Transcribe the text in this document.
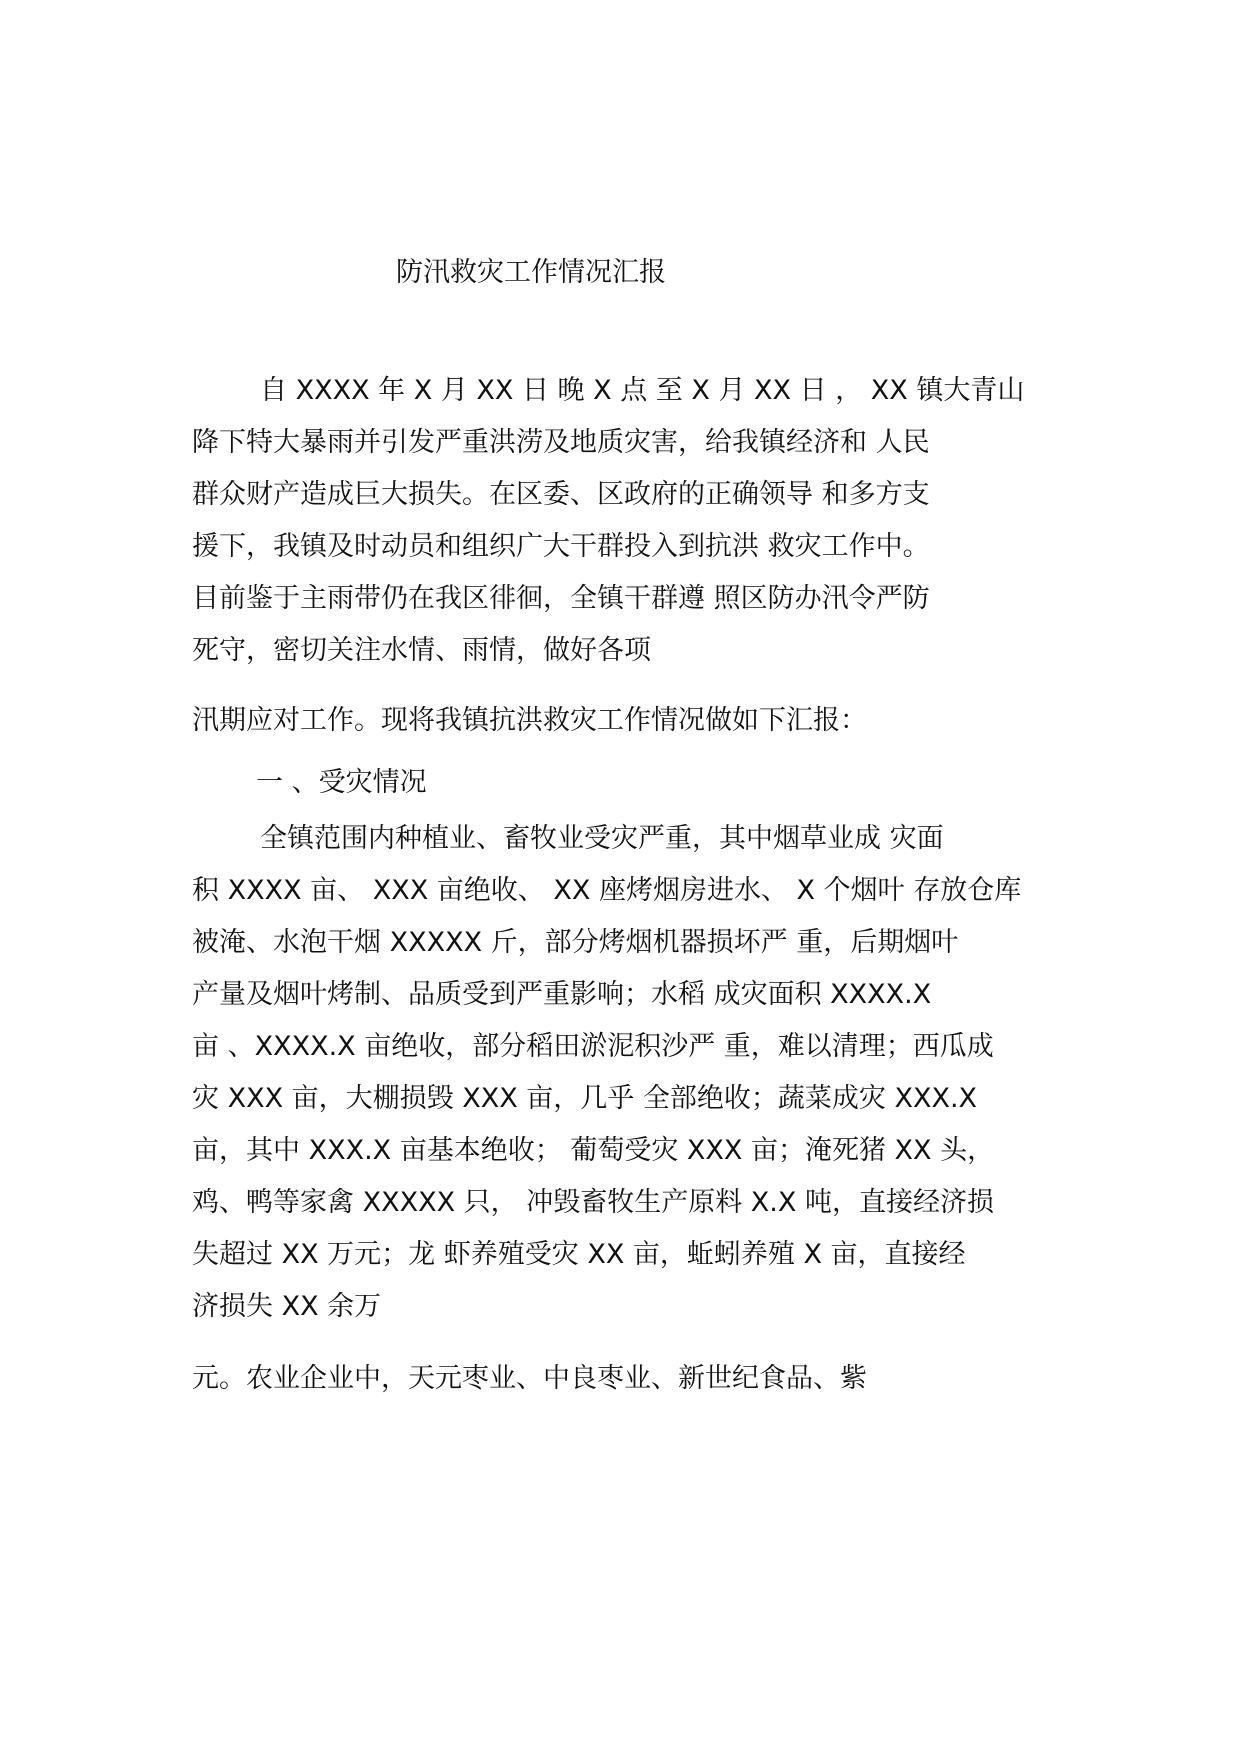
防汛救灾工作情况汇报

自 XXXX 年 X 月 XX 日 晚 X 点 至 X 月 XX 日 ， XX 镇大青山

降下特大暴雨并引发严重洪涝及地质灾害，给我镇经济和 人民

群众财产造成巨大损失。在区委、区政府的正确领导 和多方支

援下，我镇及时动员和组织广大干群投入到抗洪 救灾工作中。

目前鉴于主雨带仍在我区徘徊，全镇干群遵 照区防办汛令严防

死守，密切关注水情、雨情，做好各项

汛期应对工作。现将我镇抗洪救灾工作情况做如下汇报：

一 、受灾情况

全镇范围内种植业、畜牧业受灾严重，其中烟草业成 灾面

积 XXXX 亩、 XXX 亩绝收、 XX 座烤烟房进水、 X 个烟叶 存放仓库

被淹、水泡干烟 XXXXX 斤，部分烤烟机器损坏严 重，后期烟叶

产量及烟叶烤制、品质受到严重影响；水稻 成灾面积 XXXX.X

亩 、XXXX.X 亩绝收，部分稻田淤泥积沙严 重，难以清理；西瓜成

灾 XXX 亩，大棚损毁 XXX 亩，几乎 全部绝收；蔬菜成灾 XXX.X

亩，其中 XXX.X 亩基本绝收； 葡萄受灾 XXX 亩；淹死猪 XX 头，

鸡、鸭等家禽 XXXXX 只， 冲毁畜牧生产原料 X.X 吨，直接经济损

失超过 XX 万元；龙 虾养殖受灾 XX 亩，蚯蚓养殖 X 亩，直接经

济损失 XX 余万

元。农业企业中，天元枣业、中良枣业、新世纪食品、紫
